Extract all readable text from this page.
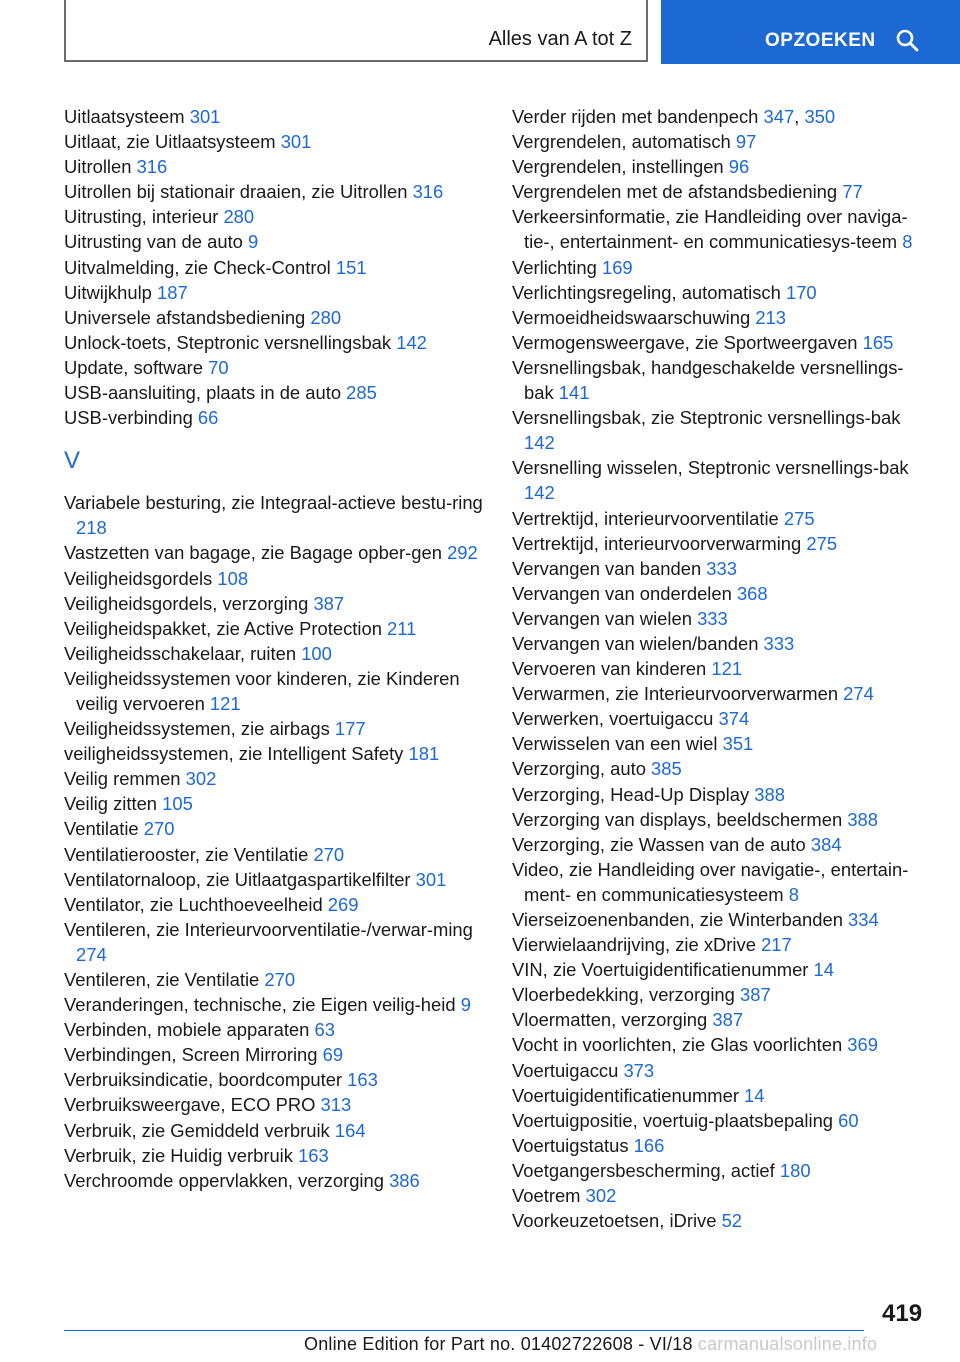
Alles van A tot Z	OPZOEKEN
Uitlaatsysteem 301
Uitlaat, zie Uitlaatsysteem 301
Uitrollen 316
Uitrollen bij stationair draaien, zie Uitrollen 316
Uitrusting, interieur 280
Uitrusting van de auto 9
Uitvalmelding, zie Check-Control 151
Uitwijkhulp 187
Universele afstandsbediening 280
Unlock-toets, Steptronic versnellingsbak 142
Update, software 70
USB-aansluiting, plaats in de auto 285
USB-verbinding 66
V
Variabele besturing, zie Integraal-actieve bestu-ring 218
Vastzetten van bagage, zie Bagage opber-gen 292
Veiligheidsgordels 108
Veiligheidsgordels, verzorging 387
Veiligheidspakket, zie Active Protection 211
Veiligheidsschakelaar, ruiten 100
Veiligheidssystemen voor kinderen, zie Kinderen veilig vervoeren 121
Veiligheidssystemen, zie airbags 177
veiligheidssystemen, zie Intelligent Safety 181
Veilig remmen 302
Veilig zitten 105
Ventilatie 270
Ventilatierooster, zie Ventilatie 270
Ventilatornaloop, zie Uitlaatgaspartikelfilter 301
Ventilator, zie Luchthoeveelheid 269
Ventileren, zie Interieurvoorventilatie-/verwar-ming 274
Ventileren, zie Ventilatie 270
Veranderingen, technische, zie Eigen veilig-heid 9
Verbinden, mobiele apparaten 63
Verbindingen, Screen Mirroring 69
Verbruiksindicatie, boordcomputer 163
Verbruiksweergave, ECO PRO 313
Verbruik, zie Gemiddeld verbruik 164
Verbruik, zie Huidig verbruik 163
Verchroomde oppervlakken, verzorging 386
Verder rijden met bandenpech 347, 350
Vergrendelen, automatisch 97
Vergrendelen, instellingen 96
Vergrendelen met de afstandsbediening 77
Verkeersinformatie, zie Handleiding over naviga-tie-, entertainment- en communicatiesys-teem 8
Verlichting 169
Verlichtingsregeling, automatisch 170
Vermoeidheidswaarschuwing 213
Vermogensweergave, zie Sportweergaven 165
Versnellingsbak, handgeschakelde versnellings-bak 141
Versnellingsbak, zie Steptronic versnellings-bak 142
Versnelling wisselen, Steptronic versnellings-bak 142
Vertrektijd, interieurvoorventilatie 275
Vertrektijd, interieurvoorverwarming 275
Vervangen van banden 333
Vervangen van onderdelen 368
Vervangen van wielen 333
Vervangen van wielen/banden 333
Vervoeren van kinderen 121
Verwarmen, zie Interieurvoorverwarmen 274
Verwerken, voertuigaccu 374
Verwisselen van een wiel 351
Verzorging, auto 385
Verzorging, Head-Up Display 388
Verzorging van displays, beeldschermen 388
Verzorging, zie Wassen van de auto 384
Video, zie Handleiding over navigatie-, entertain-ment- en communicatiesysteem 8
Vierseizoenenbanden, zie Winterbanden 334
Vierwielaandrijving, zie xDrive 217
VIN, zie Voertuigidentificatienummer 14
Vloerbedekking, verzorging 387
Vloermatten, verzorging 387
Vocht in voorlichten, zie Glas voorlichten 369
Voertuigaccu 373
Voertuigidentificatienummer 14
Voertuigpositie, voertuig-plaatsbepaling 60
Voertuigstatus 166
Voetgangersbescherming, actief 180
Voetrem 302
Voorkeuzetoetsen, iDrive 52
419
Online Edition for Part no. 01402722608 - VI/18 carmanualsonline.info
